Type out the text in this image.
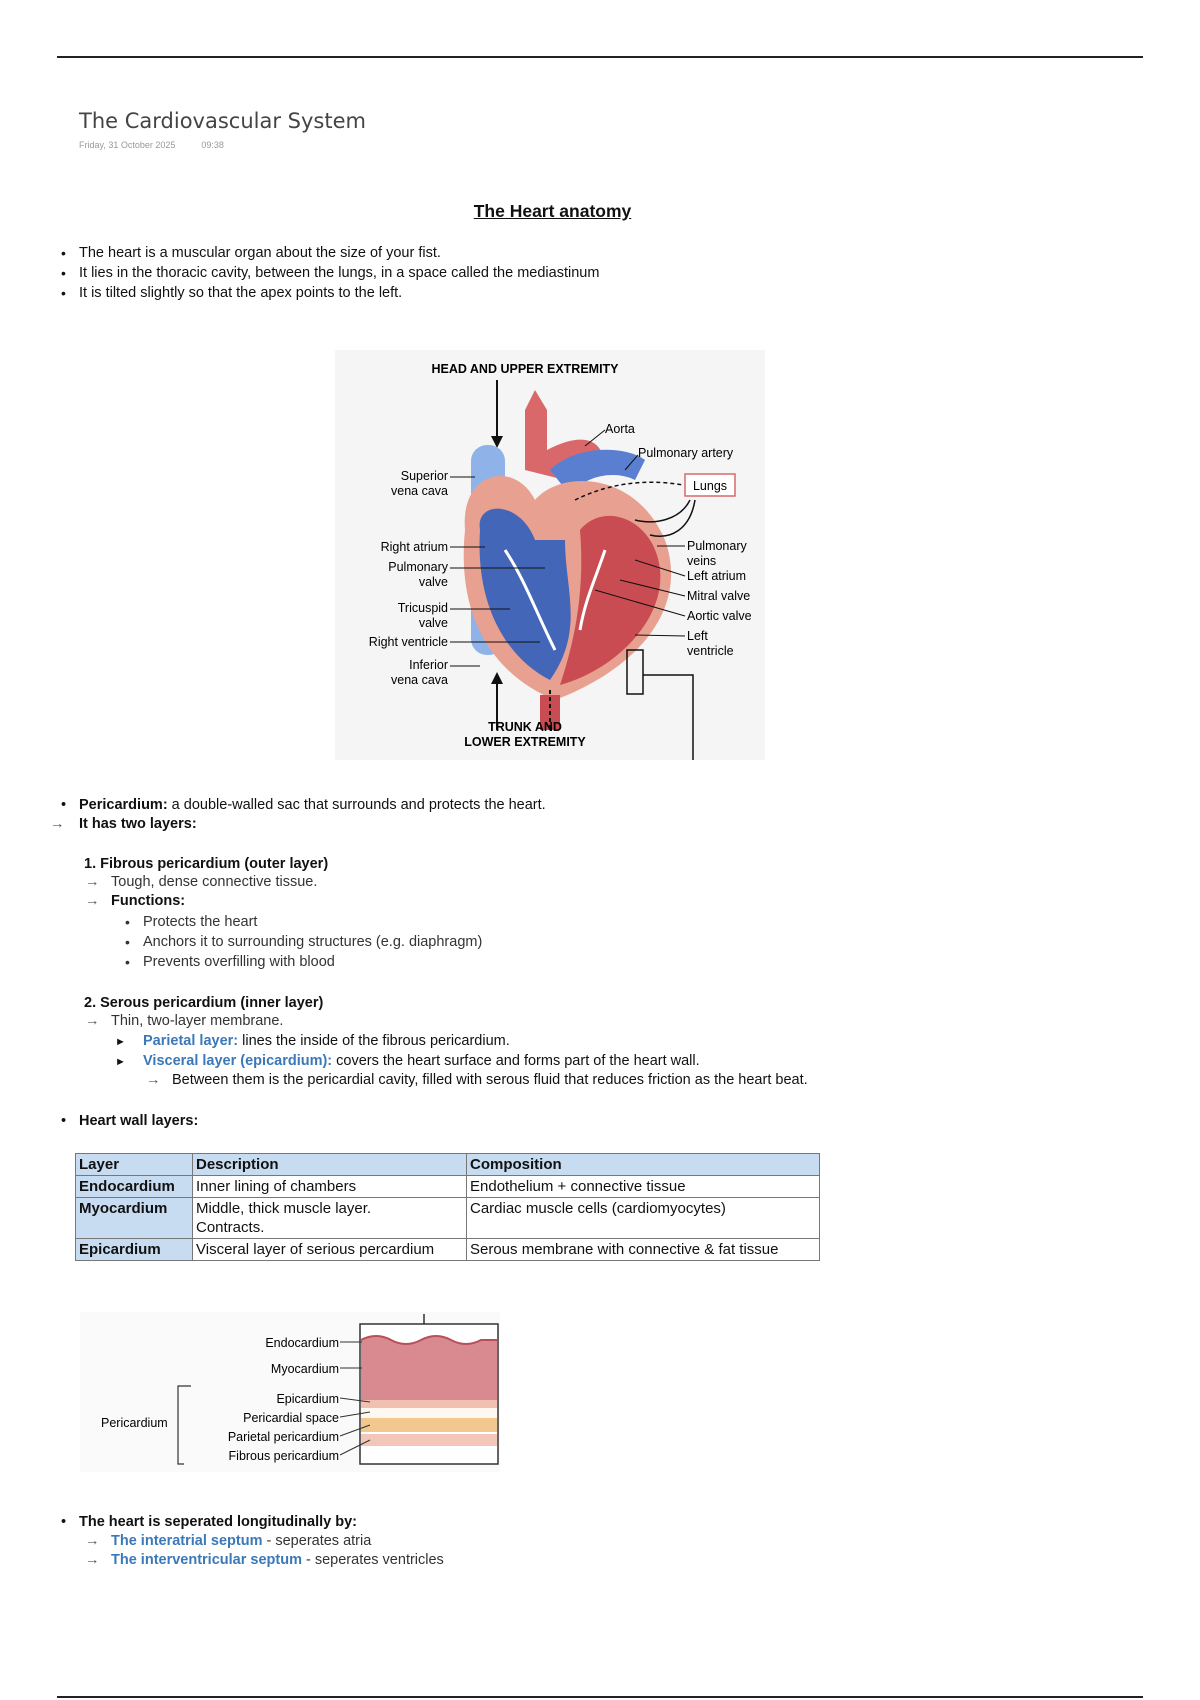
The Cardiovascular System
Friday, 31 October 2025	09:38
The Heart anatomy
• The heart is a muscular organ about the size of your fist.
• It lies in the thoracic cavity, between the lungs, in a space called the mediastinum
• It is tilted slightly so that the apex points to the left.
HEAD AND UPPER EXTREMITY
TRUNK AND
LOWER EXTREMITY
Aorta
Pulmonary artery
Lungs
Superior
vena cava
Right atrium
Pulmonary
valve
Tricuspid
valve
Right ventricle
Inferior
vena cava
Pulmonary
veins
Left atrium
Mitral valve
Aortic valve
Left
ventricle
• Pericardium: a double-walled sac that surrounds and protects the heart.
→ It has two layers:
1. Fibrous pericardium (outer layer)
→ Tough, dense connective tissue.
→ Functions:
• Protects the heart
• Anchors it to surrounding structures (e.g. diaphragm)
• Prevents overfilling with blood
2. Serous pericardium (inner layer)
→ Thin, two-layer membrane.
► Parietal layer: lines the inside of the fibrous pericardium.
► Visceral layer (epicardium): covers the heart surface and forms part of the heart wall.
→ Between them is the pericardial cavity, filled with serous fluid that reduces friction as the heart beat.
• Heart wall layers:
Layer	Description	Composition
Endocardium	Inner lining of chambers	Endothelium + connective tissue
Myocardium	Middle, thick muscle layer. Contracts.	Cardiac muscle cells (cardiomyocytes)
Epicardium	Visceral layer of serious percardium	Serous membrane with connective & fat tissue
Endocardium
Myocardium
Epicardium
Pericardial space
Parietal pericardium
Fibrous pericardium
Pericardium
• The heart is seperated longitudinally by:
→ The interatrial septum - seperates atria
→ The interventricular septum - seperates ventricles
